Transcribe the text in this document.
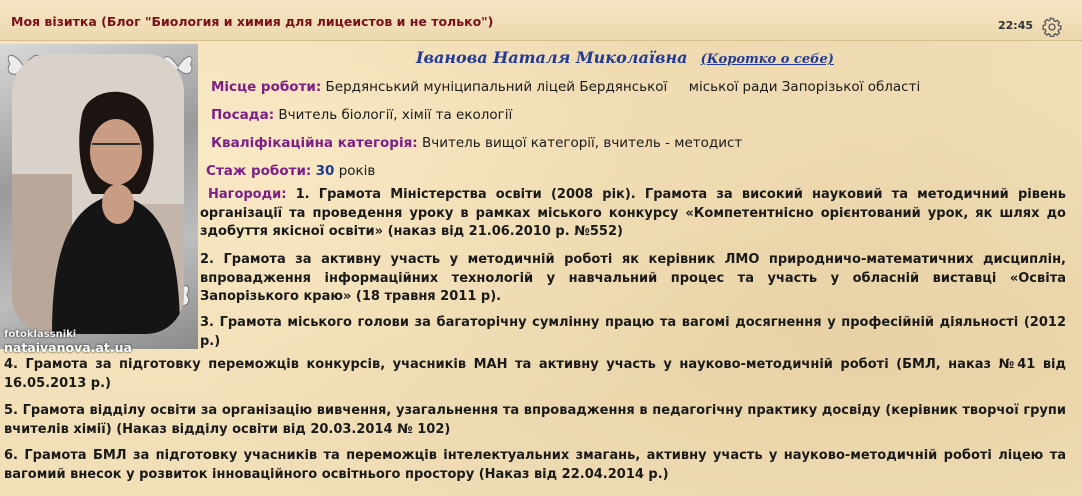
Моя візитка (Блог "Биология и химия для лицеистов и не только")	22:45
fotoklassniki nataivanova.at.ua
Іванова Наталя Миколаївна (Коротко о себе)
Місце роботи: Бердянський муніципальний ліцей Бердянської     міської ради Запорізької області
Посада: Вчитель біології, хімії та екології
Кваліфікаційна категорія: Вчитель вищої категорії, вчитель - методист
Стаж роботи: 30 років
Нагороди: 1. Грамота Міністерства освіти (2008 рік). Грамота за високий науковий та методичний рівень організації та проведення уроку в рамках міського конкурсу «Компетентнісно орієнтований урок, як шлях до здобуття якісної освіти» (наказ від 21.06.2010 р. №552)
2. Грамота за активну участь у методичній роботі як керівник ЛМО природничо-математичних дисциплін, впровадження інформаційних технологій у навчальний процес та участь у обласній виставці «Освіта Запорізького краю» (18 травня 2011 р).
3. Грамота міського голови за багаторічну сумлінну працю та вагомі досягнення у професійній діяльності (2012 р.)
4. Грамота за підготовку переможців конкурсів, учасників МАН та активну участь у науково-методичній роботі (БМЛ, наказ №41 від 16.05.2013 р.)
5. Грамота відділу освіти за організацію вивчення, узагальнення та впровадження в педагогічну практику досвіду (керівник творчої групи вчителів хімії) (Наказ відділу освіти від 20.03.2014 № 102)
6. Грамота БМЛ за підготовку учасників та переможців інтелектуальних змагань, активну участь у науково-методичній роботі ліцею та вагомий внесок у розвиток інноваційного освітнього простору (Наказ від 22.04.2014 р.)
